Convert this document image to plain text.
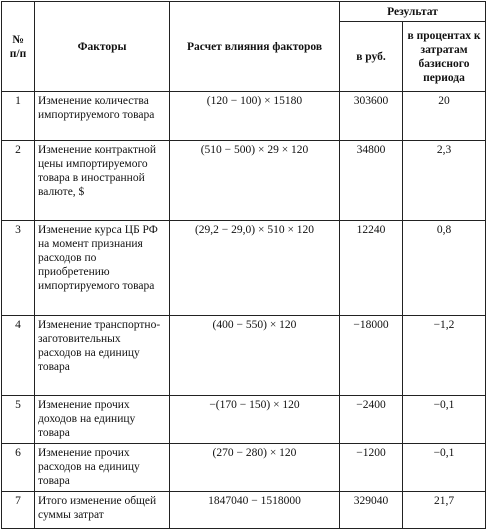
№
п/п	Факторы	Расчет влияния факторов	Результат	
			в руб.	в процентах к затратам базисного периода
1	Изменение количества импортируемого товара	(120 − 100) × 15180	303600	20
2	Изменение контрактной цены импортируемого товара в иностранной валюте, $	(510 − 500) × 29 × 120	34800	2,3
3	Изменение курса ЦБ РФ на момент признания расходов по приобретению импортируемого товара	(29,2 − 29,0) × 510 × 120	12240	0,8
4	Изменение транспортно-заготовительных расходов на единицу товара	(400 − 550) × 120	−18000	−1,2
5	Изменение прочих доходов на единицу товара	−(170 − 150) × 120	−2400	−0,1
6	Изменение прочих расходов на единицу товара	(270 − 280) × 120	−1200	−0,1
7	Итого изменение общей суммы затрат	1847040 − 1518000	329040	21,7
